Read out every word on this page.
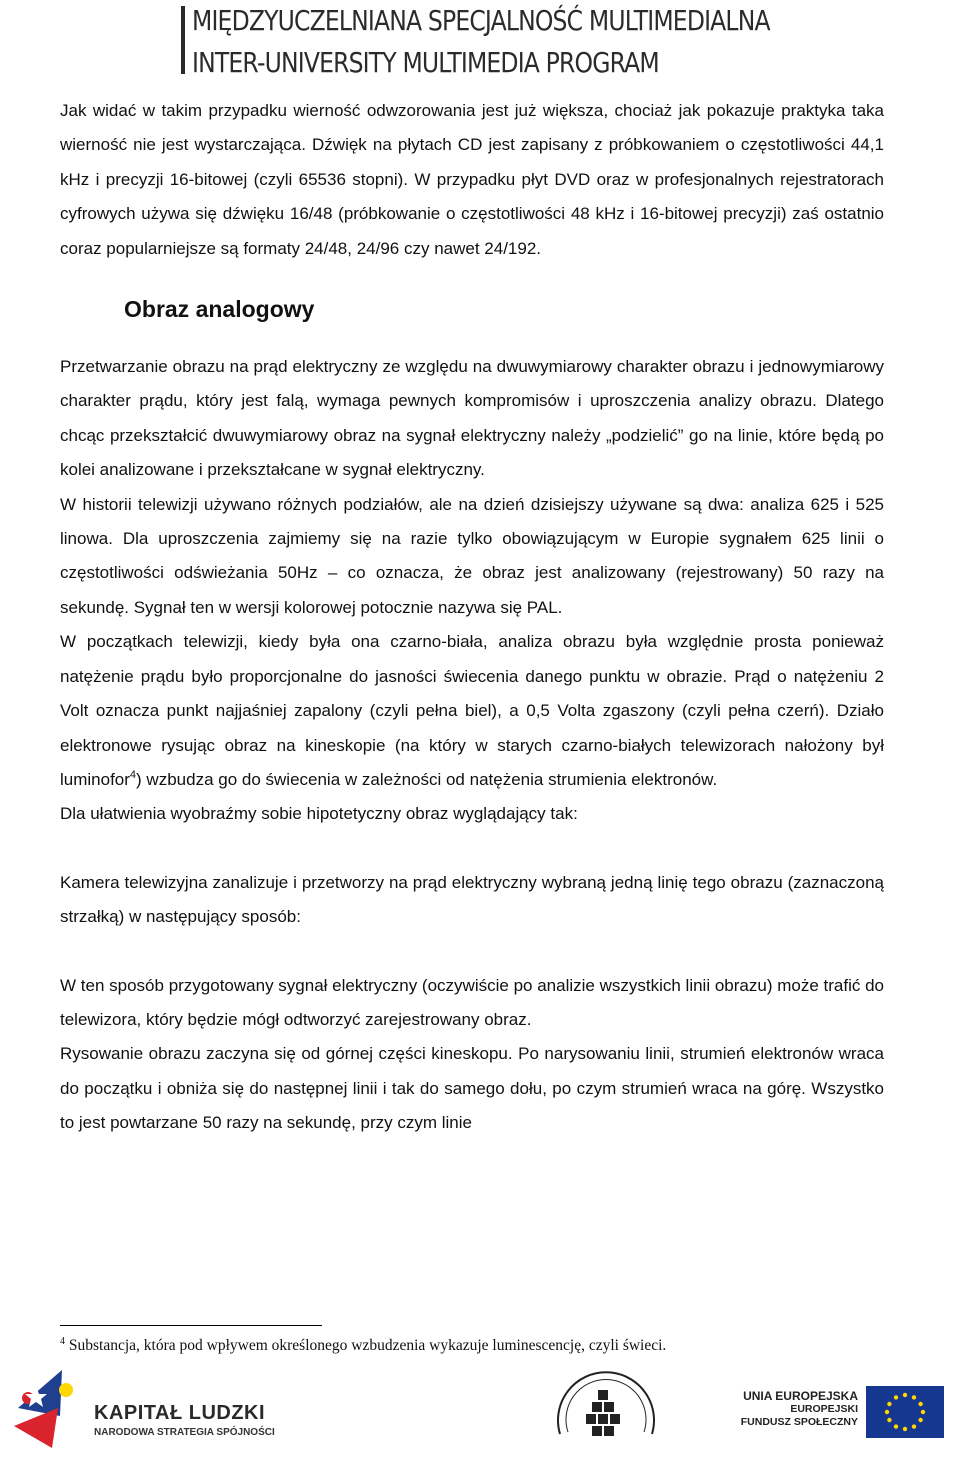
MIĘDZYUCZELNIANA SPECJALNOŚĆ MULTIMEDIALNA
INTER-UNIVERSITY MULTIMEDIA PROGRAM

Jak widać w takim przypadku wierność odwzorowania jest już większa, chociaż jak pokazuje praktyka taka wierność nie jest wystarczająca. Dźwięk na płytach CD jest zapisany z próbkowaniem o częstotliwości 44,1 kHz i precyzji 16-bitowej (czyli 65536 stopni). W przypadku płyt DVD oraz w profesjonalnych rejestratorach cyfrowych używa się dźwięku 16/48 (próbkowanie o częstotliwości 48 kHz i 16-bitowej precyzji) zaś ostatnio coraz popularniejsze są formaty 24/48, 24/96 czy nawet 24/192.

Obraz analogowy

Przetwarzanie obrazu na prąd elektryczny ze względu na dwuwymiarowy charakter obrazu i jednowymiarowy charakter prądu, który jest falą, wymaga pewnych kompromisów i uproszczenia analizy obrazu. Dlatego chcąc przekształcić dwuwymiarowy obraz na sygnał elektryczny należy „podzielić” go na linie, które będą po kolei analizowane i przekształcane w sygnał elektryczny.

W historii telewizji używano różnych podziałów, ale na dzień dzisiejszy używane są dwa: analiza 625 i 525 linowa. Dla uproszczenia zajmiemy się na razie tylko obowiązującym w Europie sygnałem 625 linii o częstotliwości odświeżania 50Hz – co oznacza, że obraz jest analizowany (rejestrowany) 50 razy na sekundę. Sygnał ten w wersji kolorowej potocznie nazywa się PAL.

W początkach telewizji, kiedy była ona czarno-biała, analiza obrazu była względnie prosta ponieważ natężenie prądu było proporcjonalne do jasności świecenia danego punktu w obrazie. Prąd o natężeniu 2 Volt oznacza punkt najjaśniej zapalony (czyli pełna biel), a 0,5 Volta zgaszony (czyli pełna czerń). Działo elektronowe rysując obraz na kineskopie (na który w starych czarno-białych telewizorach nałożony był luminofor$^4$) wzbudza go do świecenia w zależności od natężenia strumienia elektronów.

Dla ułatwienia wyobraźmy sobie hipotetyczny obraz wyglądający tak:

Kamera telewizyjna zanalizuje i przetworzy na prąd elektryczny wybraną jedną linię tego obrazu (zaznaczoną strzałką) w następujący sposób:

W ten sposób przygotowany sygnał elektryczny (oczywiście po analizie wszystkich linii obrazu) może trafić do telewizora, który będzie mógł odtworzyć zarejestrowany obraz.

Rysowanie obrazu zaczyna się od górnej części kineskopu. Po narysowaniu linii, strumień elektronów wraca do początku i obniża się do następnej linii i tak do samego dołu, po czym strumień wraca na górę. Wszystko to jest powtarzane 50 razy na sekundę, przy czym linie

$^4$ Substancja, która pod wpływem określonego wzbudzenia wykazuje luminescencję, czyli świeci.
KAPITAŁ LUDZKI
NARODOWA STRATEGIA SPÓJNOŚCI
UNIA EUROPEJSKA
EUROPEJSKI
FUNDUSZ SPOŁECZNY
